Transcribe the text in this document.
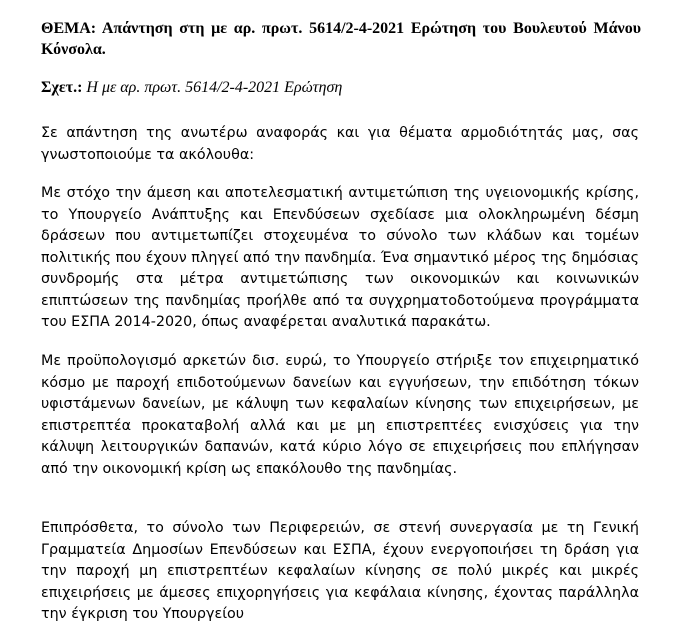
ΘΕΜΑ: Απάντηση στη με αρ. πρωτ. 5614/2-4-2021 Ερώτηση του Βουλευτού Μάνου Κόνσολα.
Σχετ.: Η με αρ. πρωτ. 5614/2-4-2021 Ερώτηση

Σε απάντηση της ανωτέρω αναφοράς και για θέματα αρμοδιότητάς μας, σας γνωστοποιούμε τα ακόλουθα:

Με στόχο την άμεση και αποτελεσματική αντιμετώπιση της υγειονομικής κρίσης, το Υπουργείο Ανάπτυξης και Επενδύσεων σχεδίασε μια ολοκληρωμένη δέσμη δράσεων που αντιμετωπίζει στοχευμένα το σύνολο των κλάδων και τομέων πολιτικής που έχουν πληγεί από την πανδημία. Ένα σημαντικό μέρος της δημόσιας συνδρομής στα μέτρα αντιμετώπισης των οικονομικών και κοινωνικών επιπτώσεων της πανδημίας προήλθε από τα συγχρηματοδοτούμενα προγράμματα του ΕΣΠΑ 2014-2020, όπως αναφέρεται αναλυτικά παρακάτω.

Με προϋπολογισμό αρκετών δισ. ευρώ, το Υπουργείο στήριξε τον επιχειρηματικό κόσμο με παροχή επιδοτούμενων δανείων και εγγυήσεων, την επιδότηση τόκων υφιστάμενων δανείων, με κάλυψη των κεφαλαίων κίνησης των επιχειρήσεων, με επιστρεπτέα προκαταβολή αλλά και με μη επιστρεπτέες ενισχύσεις για την κάλυψη λειτουργικών δαπανών, κατά κύριο λόγο σε επιχειρήσεις που επλήγησαν από την οικονομική κρίση ως επακόλουθο της πανδημίας.

Επιπρόσθετα, το σύνολο των Περιφερειών, σε στενή συνεργασία με τη Γενική Γραμματεία Δημοσίων Επενδύσεων και ΕΣΠΑ, έχουν ενεργοποιήσει τη δράση για την παροχή μη επιστρεπτέων κεφαλαίων κίνησης σε πολύ μικρές και μικρές επιχειρήσεις με άμεσες επιχορηγήσεις για κεφάλαια κίνησης, έχοντας παράλληλα την έγκριση του Υπουργείου
